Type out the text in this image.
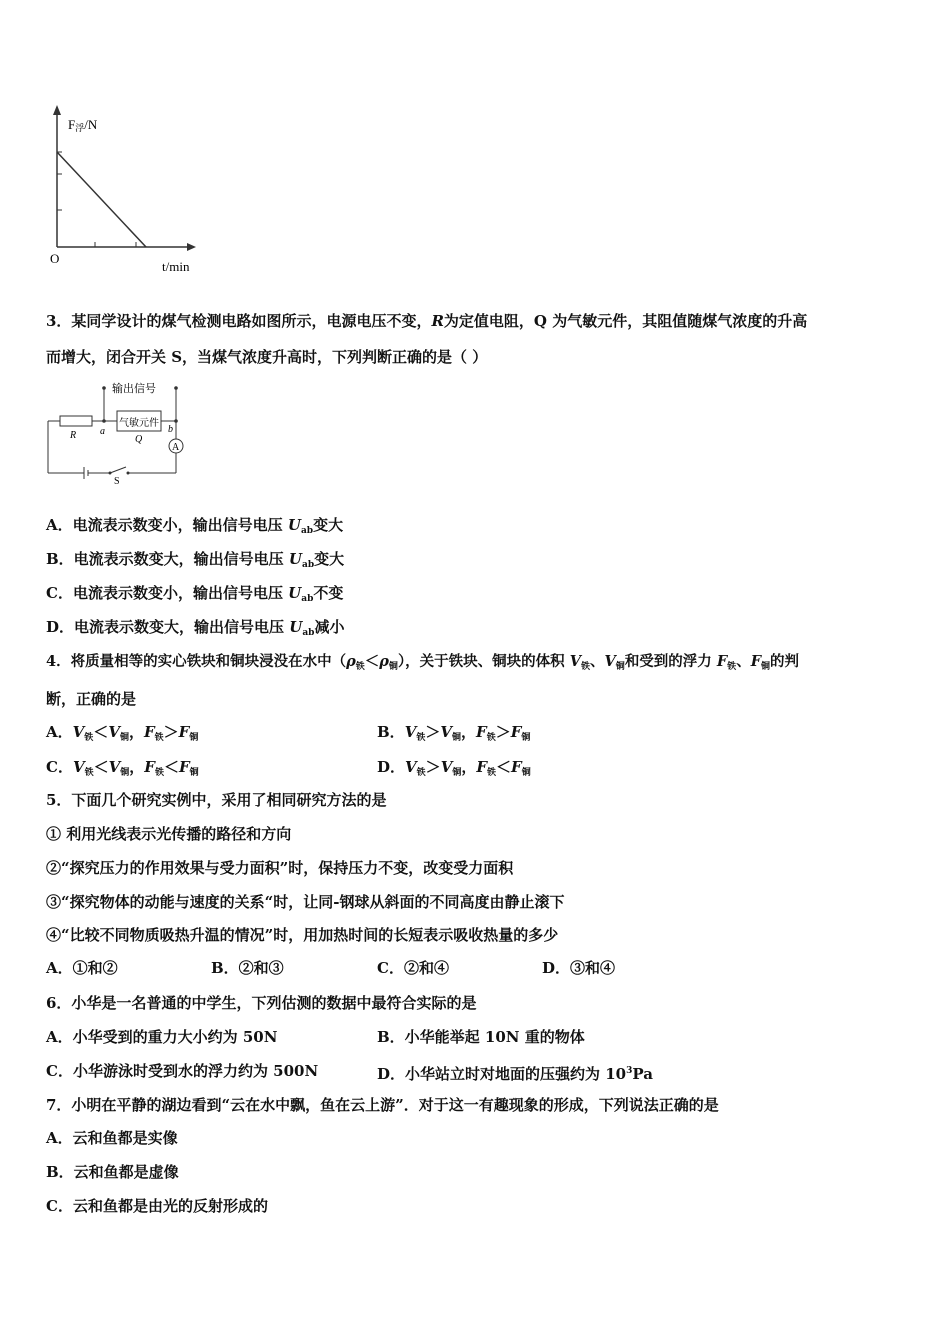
F浮/N
t/min
O
3．某同学设计的煤气检测电路如图所示，电源电压不变，R为定值电阻，Q 为气敏元件，其阻值随煤气浓度的升高
而增大，闭合开关 S，当煤气浓度升高时，下列判断正确的是（ ）
输出信号
气敏元件
R	Q
a	b
A
S
A．电流表示数变小，输出信号电压 $U_{ab}$变大
B．电流表示数变大，输出信号电压 $U_{ab}$变大
C．电流表示数变小，输出信号电压 $U_{ab}$不变
D．电流表示数变大，输出信号电压 $U_{ab}$减小
4．将质量相等的实心铁块和铜块浸没在水中$(\rho_铁<\rho_铜)$，关于铁块、铜块的体积 $V_铁$、$V_铜$和受到的浮力 $F_铁$、$F_铜$的判
断，正确的是
A．$V_铁<V_铜$，$F_铁>F_铜$	B．$V_铁>V_铜$，$F_铁>F_铜$
C．$V_铁<V_铜$，$F_铁<F_铜$	D．$V_铁>V_铜$，$F_铁<F_铜$
5．下面几个研究实例中，采用了相同研究方法的是
① 利用光线表示光传播的路径和方向
②“探究压力的作用效果与受力面积”时，保持压力不变，改变受力面积
③“探究物体的动能与速度的关系“时，让同-钢球从斜面的不同高度由静止滚下
④“比较不同物质吸热升温的情况”时，用加热时间的长短表示吸收热量的多少
A．①和②	B．②和③	C．②和④	D．③和④
6．小华是一名普通的中学生，下列估测的数据中最符合实际的是
A．小华受到的重力大小约为 50N	B．小华能举起 10N 重的物体
C．小华游泳时受到水的浮力约为 500N	D．小华站立时对地面的压强约为 $10^3Pa$
7．小明在平静的湖边看到“云在水中飘，鱼在云上游”．对于这一有趣现象的形成，下列说法正确的是
A．云和鱼都是实像
B．云和鱼都是虚像
C．云和鱼都是由光的反射形成的
